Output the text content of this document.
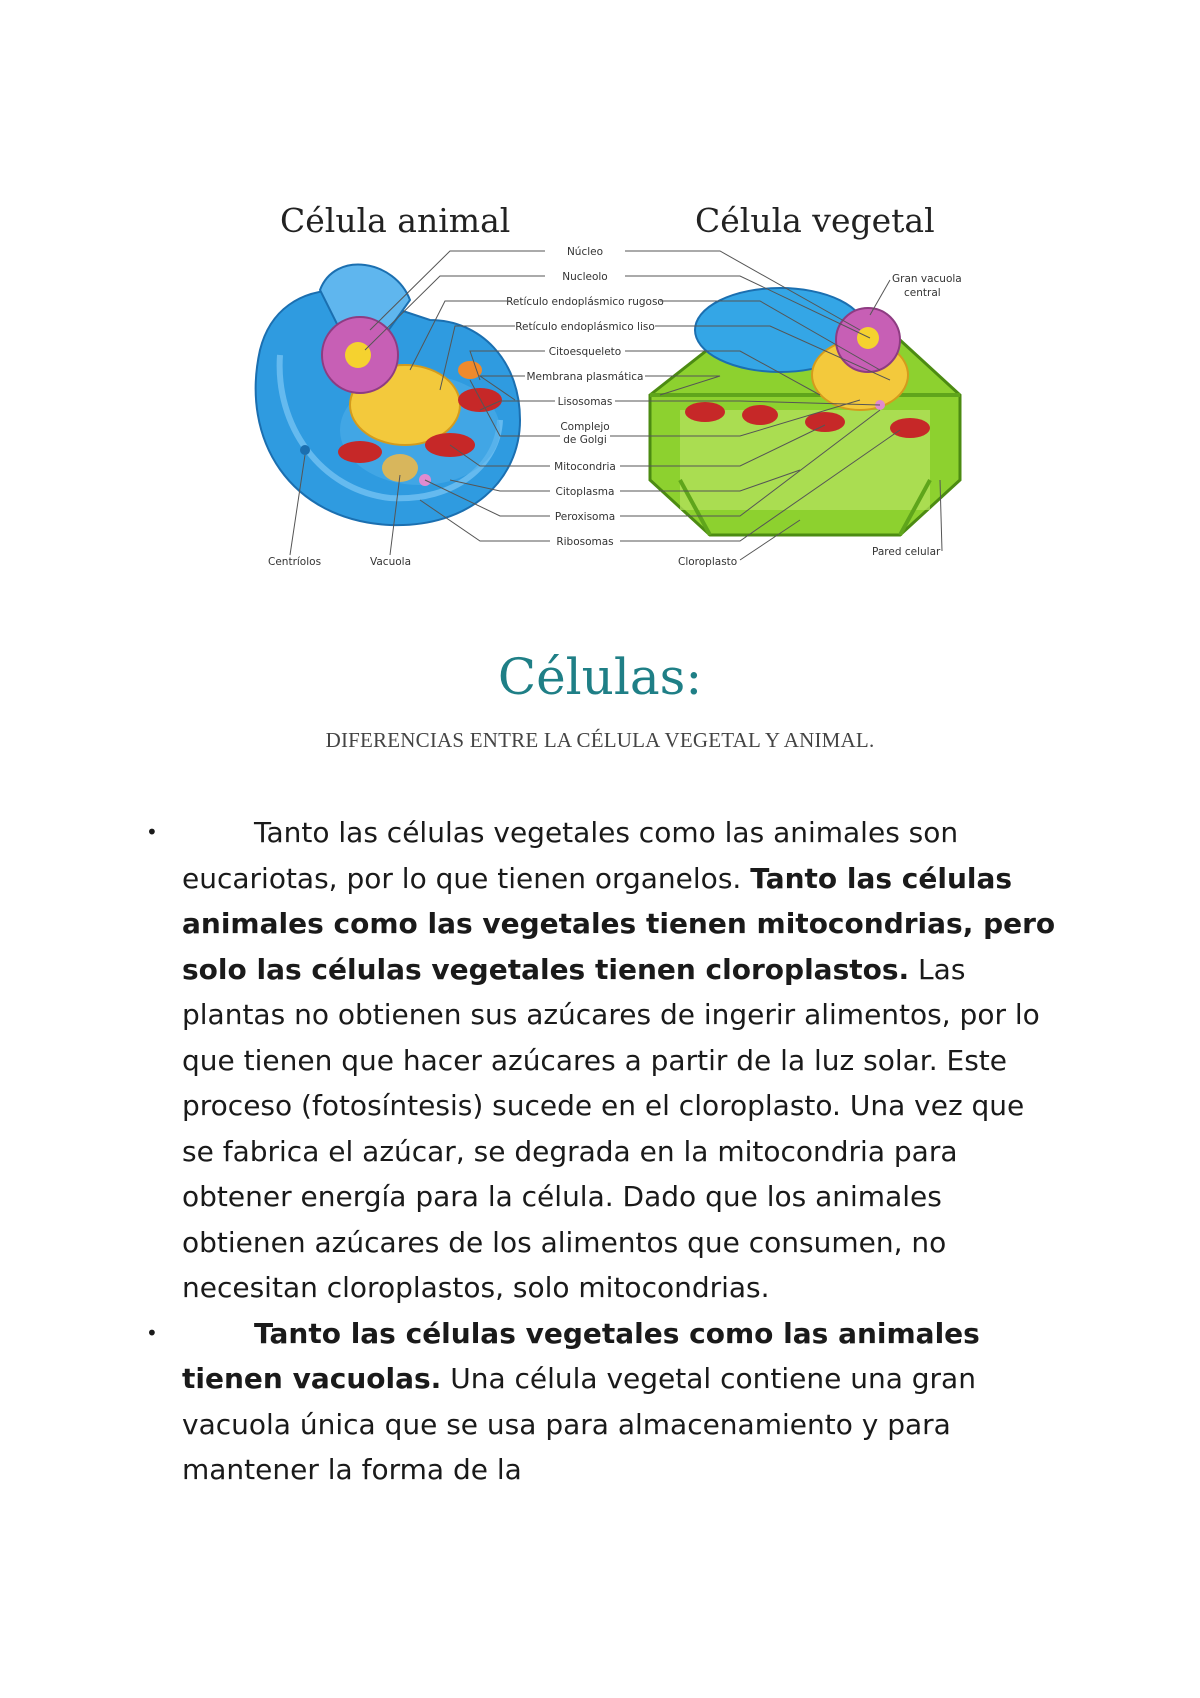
Célula animal	Célula vegetal
Centríolos	Vacuola
Gran vacuola
central
Cloroplasto
Pared celular
Núcleo
Nucleolo
Retículo endoplásmico rugoso
Retículo endoplásmico liso
Citoesqueleto
Membrana plasmática
Lisosomas
Complejo
de Golgi
Mitocondria
Citoplasma
Peroxisoma
Ribosomas
Células:
DIFERENCIAS ENTRE LA CÉLULA VEGETAL Y ANIMAL.
•	Tanto las células vegetales como las animales son eucariotas, por lo que tienen organelos. Tanto las células animales como las vegetales tienen mitocondrias, pero solo las células vegetales tienen cloroplastos. Las plantas no obtienen sus azúcares de ingerir alimentos, por lo que tienen que hacer azúcares a partir de la luz solar. Este proceso (fotosíntesis) sucede en el cloroplasto. Una vez que se fabrica el azúcar, se degrada en la mitocondria para obtener energía para la célula. Dado que los animales obtienen azúcares de los alimentos que consumen, no necesitan cloroplastos, solo mitocondrias.
•	Tanto las células vegetales como las animales tienen vacuolas. Una célula vegetal contiene una gran vacuola única que se usa para almacenamiento y para mantener la forma de la
